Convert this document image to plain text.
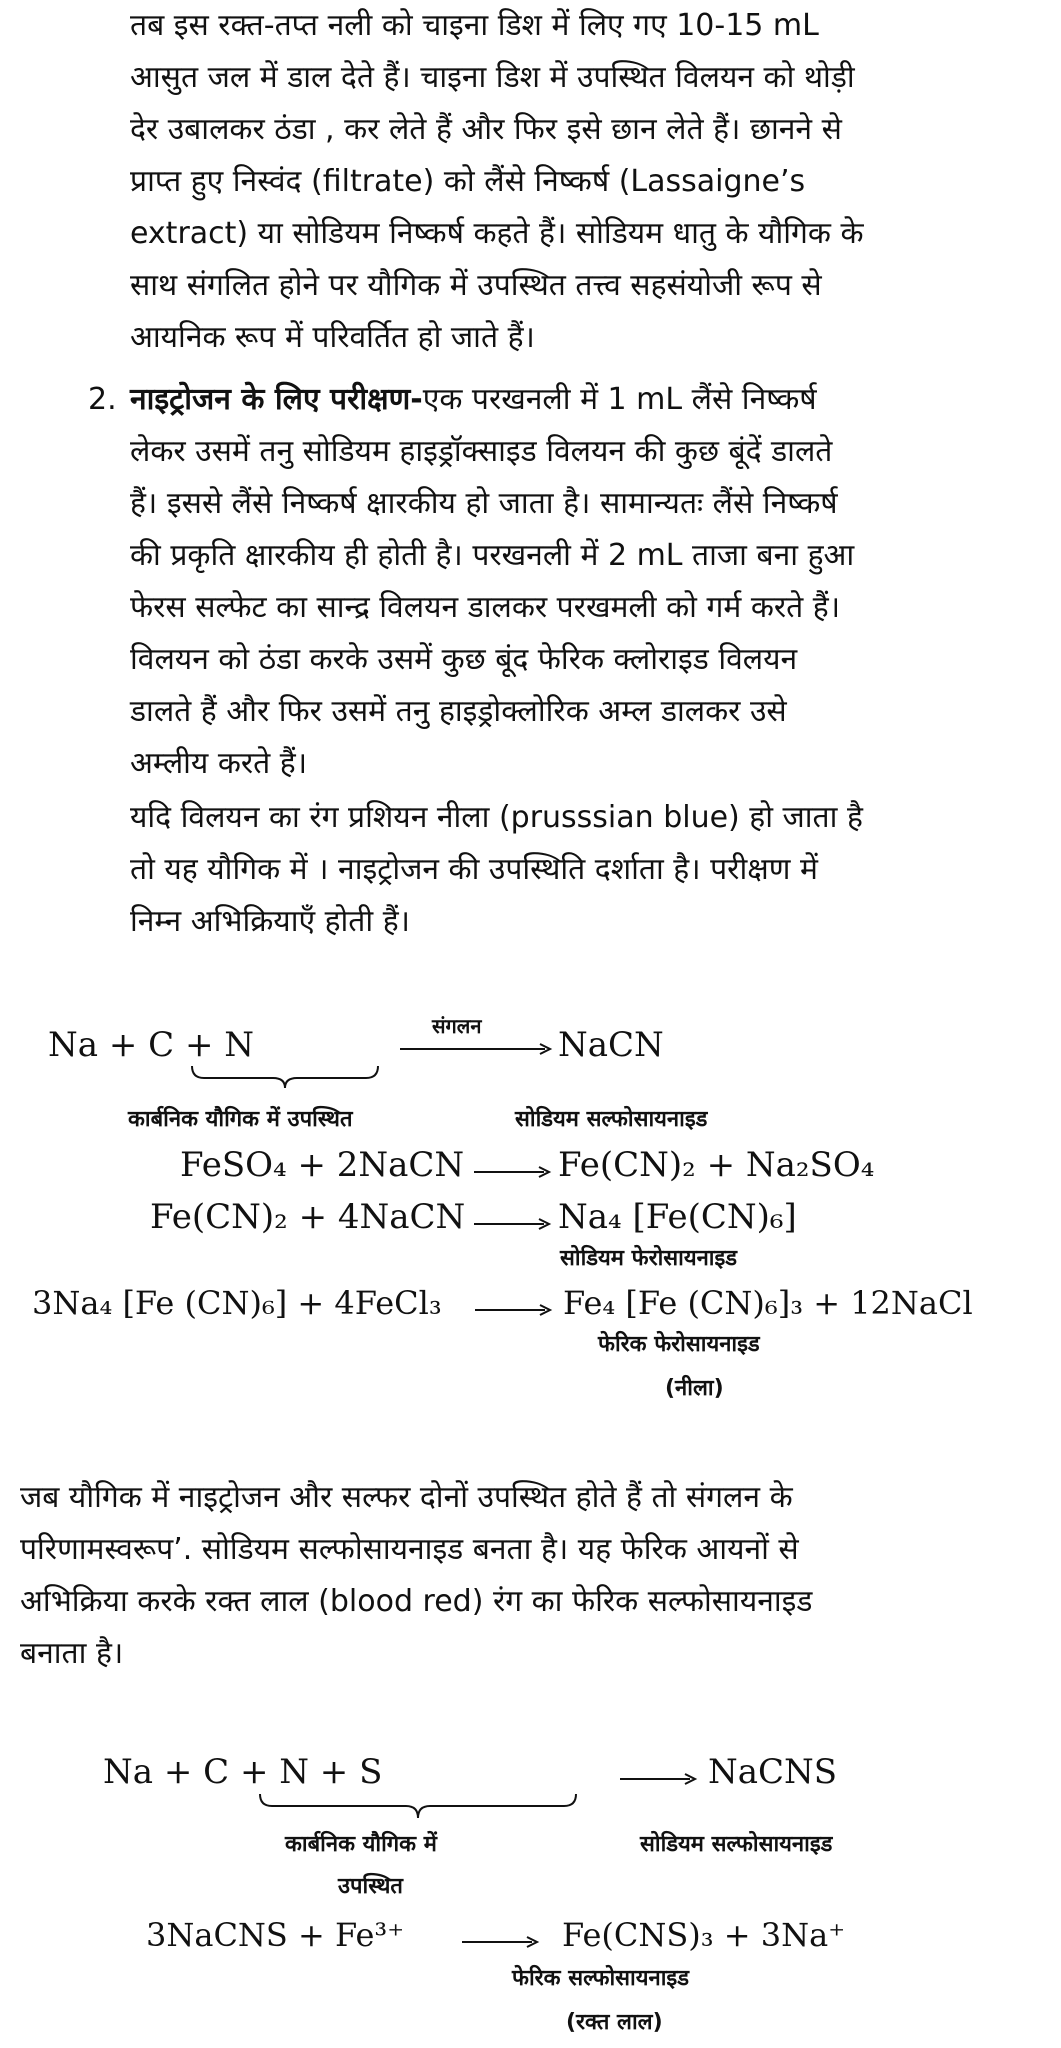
तब इस रक्त-तप्त नली को चाइना डिश में लिए गए 10-15 mL
आसुत जल में डाल देते हैं। चाइना डिश में उपस्थित विलयन को थोड़ी
देर उबालकर ठंडा , कर लेते हैं और फिर इसे छान लेते हैं। छानने से
प्राप्त हुए निस्वंद (filtrate) को लैंसे निष्कर्ष (Lassaigne’s
extract) या सोडियम निष्कर्ष कहते हैं। सोडियम धातु के यौगिक के
साथ संगलित होने पर यौगिक में उपस्थित तत्त्व सहसंयोजी रूप से
आयनिक रूप में परिवर्तित हो जाते हैं।
2. नाइट्रोजन के लिए परीक्षण-एक परखनली में 1 mL लैंसे निष्कर्ष
लेकर उसमें तनु सोडियम हाइड्रॉक्साइड विलयन की कुछ बूंदें डालते
हैं। इससे लैंसे निष्कर्ष क्षारकीय हो जाता है। सामान्यतः लैंसे निष्कर्ष
की प्रकृति क्षारकीय ही होती है। परखनली में 2 mL ताजा बना हुआ
फेरस सल्फेट का सान्द्र विलयन डालकर परखमली को गर्म करते हैं।
विलयन को ठंडा करके उसमें कुछ बूंद फेरिक क्लोराइड विलयन
डालते हैं और फिर उसमें तनु हाइड्रोक्लोरिक अम्ल डालकर उसे
अम्लीय करते हैं।
यदि विलयन का रंग प्रशियन नीला (prusssian blue) हो जाता है
तो यह यौगिक में । नाइट्रोजन की उपस्थिति दर्शाता है। परीक्षण में
निम्न अभिक्रियाएँ होती हैं।
Na + C + N	संगलन NaCN
कार्बनिक यौगिक में उपस्थित	सोडियम सल्फोसायनाइड
FeSO₄ + 2NaCN	Fe(CN)₂ + Na₂SO₄
Fe(CN)₂ + 4NaCN	Na₄ [Fe(CN)₆]
सोडियम फेरोसायनाइड
3Na₄ [Fe (CN)₆] + 4FeCl₃	Fe₄ [Fe (CN)₆]₃ + 12NaCl
फेरिक फेरोसायनाइड
(नीला)
जब यौगिक में नाइट्रोजन और सल्फर दोनों उपस्थित होते हैं तो संगलन के
परिणामस्वरूप’. सोडियम सल्फोसायनाइड बनता है। यह फेरिक आयनों से
अभिक्रिया करके रक्त लाल (blood red) रंग का फेरिक सल्फोसायनाइड
बनाता है।
Na + C + N + S	NaCNS
कार्बनिक यौगिक में
उपस्थित
सोडियम सल्फोसायनाइड
3NaCNS + Fe³⁺	Fe(CNS)₃ + 3Na⁺
फेरिक सल्फोसायनाइड
(रक्त लाल)
